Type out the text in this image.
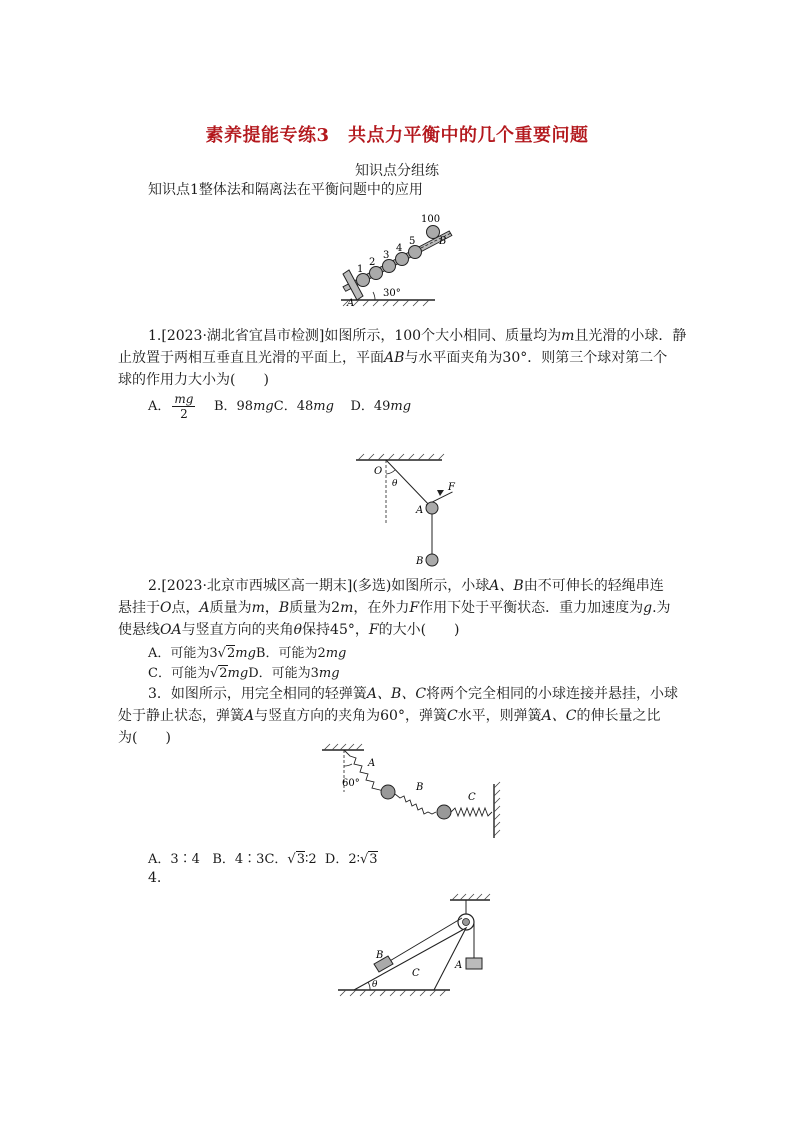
素养提能专练3　共点力平衡中的几个重要问题
知识点分组练
知识点1整体法和隔离法在平衡问题中的应用
1
2
3
4
5
100
B
A
30°
1.[2023·湖北省宜昌市检测]如图所示，100个大小相同、质量均为m且光滑的小球．静
止放置于两相互垂直且光滑的平面上，平面AB与水平面夹角为30°．则第三个球对第二个
球的作用力大小为(　　)
A． $\frac{mg}{2}$ B．98mgC．48mg D．49mg
O
θ	F
A
B
2.[2023·北京市西城区高一期末](多选)如图所示，小球A、B由不可伸长的轻绳串连
悬挂于O点，A质量为m，B质量为2m，在外力F作用下处于平衡状态．重力加速度为g.为
使悬线OA与竖直方向的夹角θ保持45°，F的大小(　　)
A．可能为3√2mgB．可能为2mg
C．可能为√2mgD．可能为3mg
3．如图所示，用完全相同的轻弹簧A、B、C将两个完全相同的小球连接并悬挂，小球
处于静止状态，弹簧A与竖直方向的夹角为60°，弹簧C水平，则弹簧A、C的伸长量之比
为(　　)
A
60°	B
C
A．3∶4 B．4∶3C．√3∶2 D．2∶√3
4.
B
C
A
θ
